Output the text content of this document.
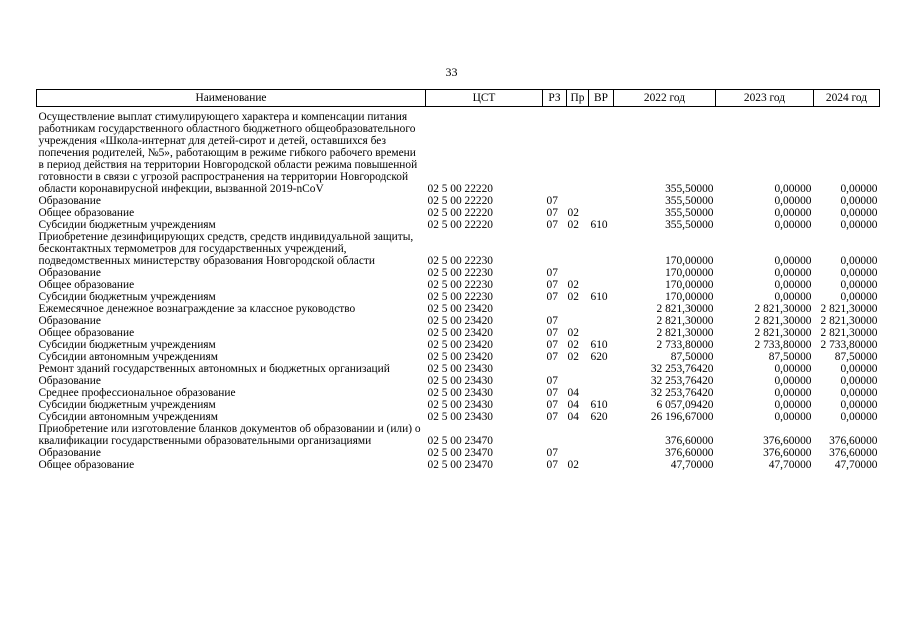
33
Наименование	ЦСТ	РЗ	Пр	ВР	2022 год	2023 год	2024 год
Осуществление выплат стимулирующего характера и компенсации питания работникам государственного областного бюджетного общеобразовательного учреждения «Школа-интернат для детей-сирот и детей, оставшихся без попечения родителей, №5», работающим в режиме гибкого рабочего времени в период действия на территории Новгородской области режима повышенной готовности в связи с угрозой распространения на территории Новгородской области коронавирусной инфекции, вызванной 2019-nCoV	02 5 00 22220				355,50000	0,00000	0,00000
Образование	02 5 00 22220	07			355,50000	0,00000	0,00000
Общее образование	02 5 00 22220	07	02		355,50000	0,00000	0,00000
Субсидии бюджетным учреждениям	02 5 00 22220	07	02	610	355,50000	0,00000	0,00000
Приобретение дезинфицирующих средств, средств индивидуальной защиты, бесконтактных термометров для государственных учреждений, подведомственных министерству образования Новгородской области	02 5 00 22230				170,00000	0,00000	0,00000
Образование	02 5 00 22230	07			170,00000	0,00000	0,00000
Общее образование	02 5 00 22230	07	02		170,00000	0,00000	0,00000
Субсидии бюджетным учреждениям	02 5 00 22230	07	02	610	170,00000	0,00000	0,00000
Ежемесячное денежное вознаграждение за классное руководство	02 5 00 23420				2 821,30000	2 821,30000	2 821,30000
Образование	02 5 00 23420	07			2 821,30000	2 821,30000	2 821,30000
Общее образование	02 5 00 23420	07	02		2 821,30000	2 821,30000	2 821,30000
Субсидии бюджетным учреждениям	02 5 00 23420	07	02	610	2 733,80000	2 733,80000	2 733,80000
Субсидии автономным учреждениям	02 5 00 23420	07	02	620	87,50000	87,50000	87,50000
Ремонт зданий государственных автономных и бюджетных организаций	02 5 00 23430				32 253,76420	0,00000	0,00000
Образование	02 5 00 23430	07			32 253,76420	0,00000	0,00000
Среднее профессиональное образование	02 5 00 23430	07	04		32 253,76420	0,00000	0,00000
Субсидии бюджетным учреждениям	02 5 00 23430	07	04	610	6 057,09420	0,00000	0,00000
Субсидии автономным учреждениям	02 5 00 23430	07	04	620	26 196,67000	0,00000	0,00000
Приобретение или изготовление бланков документов об образовании и (или) о квалификации государственными образовательными организациями	02 5 00 23470				376,60000	376,60000	376,60000
Образование	02 5 00 23470	07			376,60000	376,60000	376,60000
Общее образование	02 5 00 23470	07	02		47,70000	47,70000	47,70000
